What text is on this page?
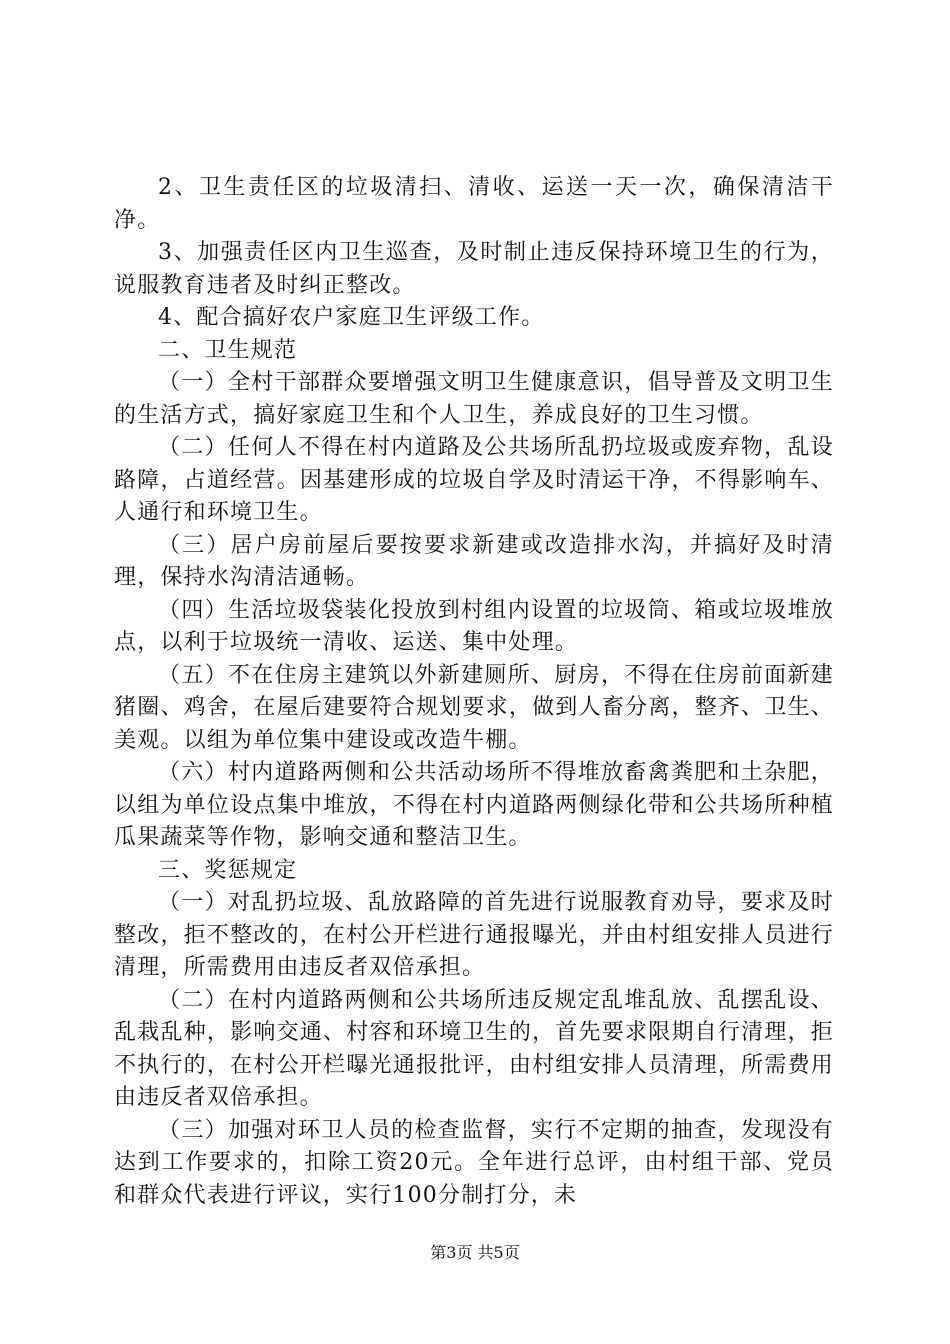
2、卫生责任区的垃圾清扫、清收、运送一天一次，确保清洁干净。

3、加强责任区内卫生巡查，及时制止违反保持环境卫生的行为，说服教育违者及时纠正整改。

4、配合搞好农户家庭卫生评级工作。

二、卫生规范

（一）全村干部群众要增强文明卫生健康意识，倡导普及文明卫生的生活方式，搞好家庭卫生和个人卫生，养成良好的卫生习惯。

（二）任何人不得在村内道路及公共场所乱扔垃圾或废弃物，乱设路障，占道经营。因基建形成的垃圾自学及时清运干净，不得影响车、人通行和环境卫生。

（三）居户房前屋后要按要求新建或改造排水沟，并搞好及时清理，保持水沟清洁通畅。

（四）生活垃圾袋装化投放到村组内设置的垃圾筒、箱或垃圾堆放点，以利于垃圾统一清收、运送、集中处理。

（五）不在住房主建筑以外新建厕所、厨房，不得在住房前面新建猪圈、鸡舍，在屋后建要符合规划要求，做到人畜分离，整齐、卫生、美观。以组为单位集中建设或改造牛棚。

（六）村内道路两侧和公共活动场所不得堆放畜禽粪肥和土杂肥，以组为单位设点集中堆放，不得在村内道路两侧绿化带和公共场所种植瓜果蔬菜等作物，影响交通和整洁卫生。

三、奖惩规定

（一）对乱扔垃圾、乱放路障的首先进行说服教育劝导，要求及时整改，拒不整改的，在村公开栏进行通报曝光，并由村组安排人员进行清理，所需费用由违反者双倍承担。

（二）在村内道路两侧和公共场所违反规定乱堆乱放、乱摆乱设、乱栽乱种，影响交通、村容和环境卫生的，首先要求限期自行清理，拒不执行的，在村公开栏曝光通报批评，由村组安排人员清理，所需费用由违反者双倍承担。

（三）加强对环卫人员的检查监督，实行不定期的抽查，发现没有达到工作要求的，扣除工资20元。全年进行总评，由村组干部、党员和群众代表进行评议，实行100分制打分，未

第3页 共5页
